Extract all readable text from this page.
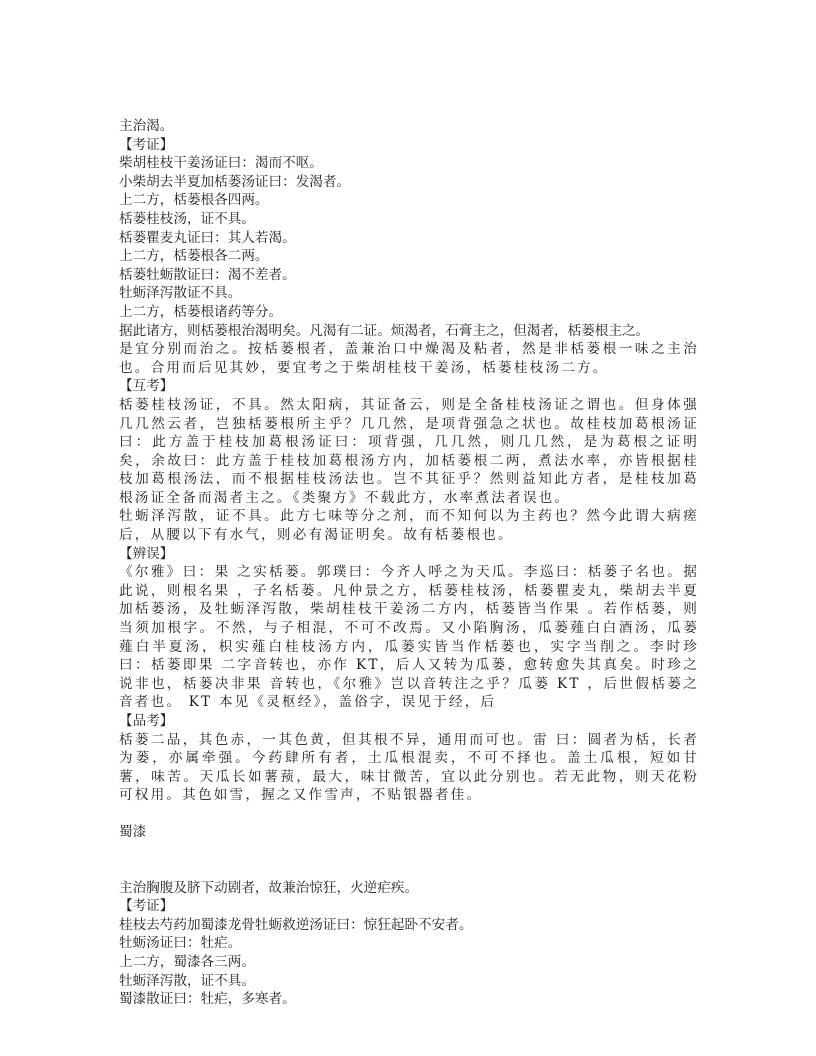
主治渴。
【考证】
柴胡桂枝干姜汤证曰：渴而不呕。
小柴胡去半夏加栝蒌汤证曰：发渴者。
上二方，栝蒌根各四两。
栝蒌桂枝汤，证不具。
栝蒌瞿麦丸证曰：其人若渴。
上二方，栝蒌根各二两。
栝蒌牡蛎散证曰：渴不差者。
牡蛎泽泻散证不具。
上二方，栝蒌根诸药等分。
据此诸方，则栝蒌根治渴明矣。凡渴有二证。烦渴者，石膏主之，但渴者，栝蒌根主之。
是宜分别而治之。按栝蒌根者，盖兼治口中燥渴及粘者，然是非栝蒌根一味之主治也。合用而后见其妙，要宜考之于柴胡桂枝干姜汤，栝蒌桂枝汤二方。
【互考】
栝蒌桂枝汤证，不具。然太阳病，其证备云，则是全备桂枝汤证之谓也。但身体强几几然云者，岂独栝蒌根所主乎？几几然，是项背强急之状也。故桂枝加葛根汤证曰：此方盖于桂枝加葛根汤证曰：项背强，几几然，则几几然，是为葛根之证明矣，余故曰：此方盖于桂枝加葛根汤方内，加栝蒌根二两，煮法水率，亦皆根据桂枝加葛根汤法，而不根据桂枝汤法也。岂不其征乎？然则益知此方者，是桂枝加葛根汤证全备而渴者主之。《类聚方》不载此方，水率煮法者误也。
牡蛎泽泻散，证不具。此方七味等分之剂，而不知何以为主药也？然今此谓大病瘥后，从腰以下有水气，则必有渴证明矣。故有栝蒌根也。
【辨误】
《尔雅》曰：果 之实栝蒌。郭璞曰：今齐人呼之为天瓜。李巡曰：栝蒌子名也。据此说，则根名果 ，子名栝蒌。凡仲景之方，栝蒌桂枝汤，栝蒌瞿麦丸，柴胡去半夏加栝蒌汤，及牡蛎泽泻散，柴胡桂枝干姜汤二方内，栝蒌皆当作果 。若作栝蒌，则当须加根字。不然，与子相混，不可不改焉。又小陷胸汤，瓜蒌薤白白酒汤，瓜蒌薤白半夏汤，枳实薤白桂枝汤方内，瓜蒌实皆当作栝蒌也，实字当削之。李时珍曰：栝蒌即果 二字音转也，亦作 KT，后人又转为瓜蒌，愈转愈失其真矣。时珍之说非也，栝蒌决非果 音转也，《尔雅》岂以音转注之乎？瓜蒌 KT ，后世假栝蒌之音者也。 KT 本见《灵枢经》，盖俗字，误见于经，后
【品考】
栝蒌二品，其色赤，一其色黄，但其根不异，通用而可也。雷 曰：圆者为栝，长者为蒌，亦属牵强。今药肆所有者，土瓜根混卖，不可不择也。盖土瓜根，短如甘薯，味苦。天瓜长如薯蓣，最大，味甘微苦，宜以此分别也。若无此物，则天花粉可权用。其色如雪，握之又作雪声，不贴银器者佳。
蜀漆
主治胸腹及脐下动剧者，故兼治惊狂，火逆疟疾。
【考证】
桂枝去芍药加蜀漆龙骨牡蛎救逆汤证曰：惊狂起卧不安者。
牡蛎汤证曰：牡疟。
上二方，蜀漆各三两。
牡蛎泽泻散，证不具。
蜀漆散证曰：牡疟，多寒者。
